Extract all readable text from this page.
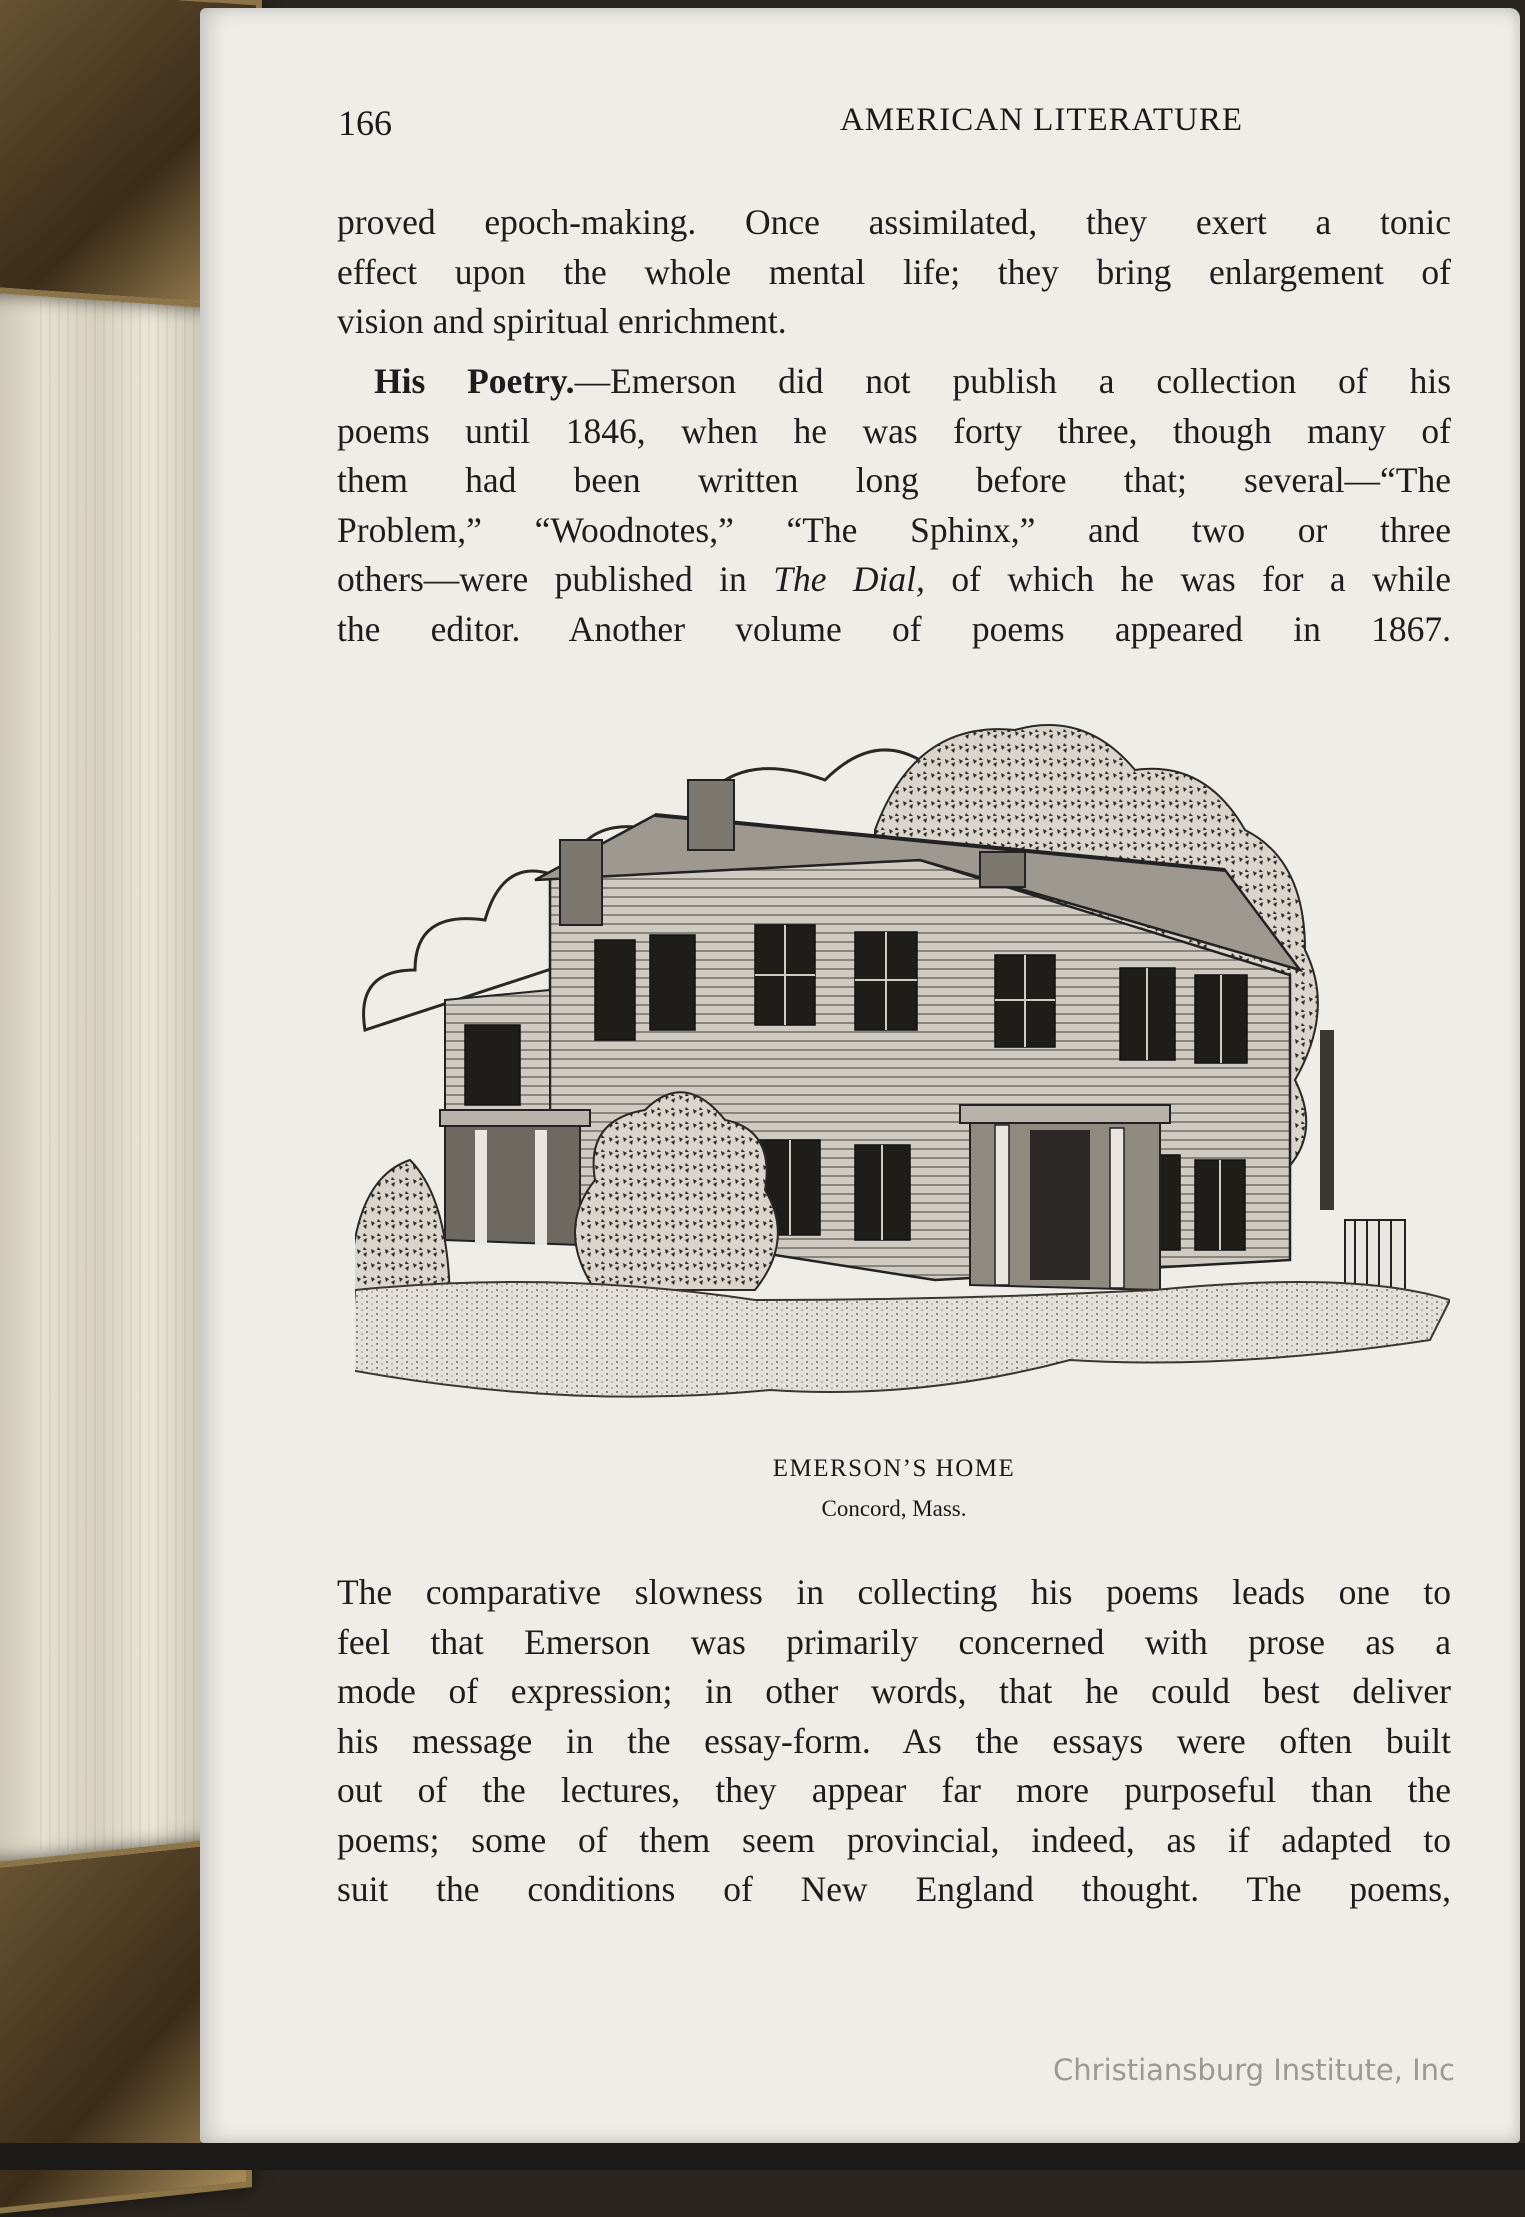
166	AMERICAN LITERATURE
proved epoch-making. Once assimilated, they exert a tonic
effect upon the whole mental life; they bring enlargement of
vision and spiritual enrichment.
His Poetry.—Emerson did not publish a collection of his
poems until 1846, when he was forty three, though many of
them had been written long before that; several—“The
Problem,” “Woodnotes,” “The Sphinx,” and two or three
others—were published in The Dial, of which he was for a while
the editor. Another volume of poems appeared in 1867.
EMERSON’S HOME
Concord, Mass.
The comparative slowness in collecting his poems leads one to
feel that Emerson was primarily concerned with prose as a
mode of expression; in other words, that he could best deliver
his message in the essay-form. As the essays were often built
out of the lectures, they appear far more purposeful than the
poems; some of them seem provincial, indeed, as if adapted to
suit the conditions of New England thought. The poems,
Christiansburg Institute, Inc
